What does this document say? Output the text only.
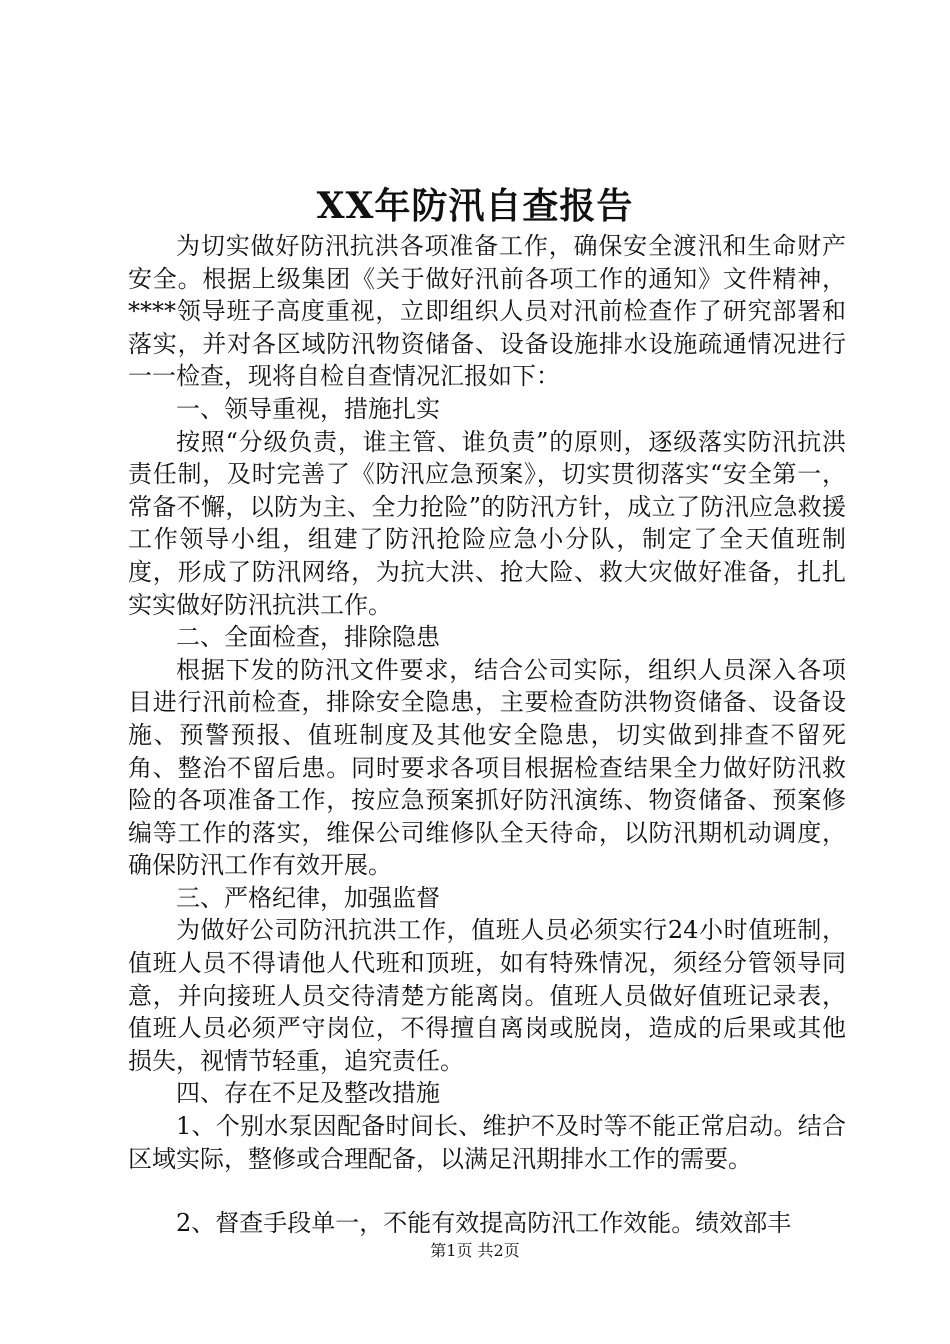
XX年防汛自查报告

为切实做好防汛抗洪各项准备工作，确保安全渡汛和生命财产安全。根据上级集团《关于做好汛前各项工作的通知》文件精神，****领导班子高度重视，立即组织人员对汛前检查作了研究部署和落实，并对各区域防汛物资储备、设备设施排水设施疏通情况进行一一检查，现将自检自查情况汇报如下：

一、领导重视，措施扎实

按照“分级负责，谁主管、谁负责”的原则，逐级落实防汛抗洪责任制，及时完善了《防汛应急预案》，切实贯彻落实“安全第一，常备不懈，以防为主、全力抢险”的防汛方针，成立了防汛应急救援工作领导小组，组建了防汛抢险应急小分队，制定了全天值班制度，形成了防汛网络，为抗大洪、抢大险、救大灾做好准备，扎扎实实做好防汛抗洪工作。

二、全面检查，排除隐患

根据下发的防汛文件要求，结合公司实际，组织人员深入各项目进行汛前检查，排除安全隐患，主要检查防洪物资储备、设备设施、预警预报、值班制度及其他安全隐患，切实做到排查不留死角、整治不留后患。同时要求各项目根据检查结果全力做好防汛救险的各项准备工作，按应急预案抓好防汛演练、物资储备、预案修编等工作的落实，维保公司维修队全天待命，以防汛期机动调度，确保防汛工作有效开展。

三、严格纪律，加强监督

为做好公司防汛抗洪工作，值班人员必须实行24小时值班制，值班人员不得请他人代班和顶班，如有特殊情况，须经分管领导同意，并向接班人员交待清楚方能离岗。值班人员做好值班记录表，值班人员必须严守岗位，不得擅自离岗或脱岗，造成的后果或其他损失，视情节轻重，追究责任。

四、存在不足及整改措施

1、个别水泵因配备时间长、维护不及时等不能正常启动。结合区域实际，整修或合理配备，以满足汛期排水工作的需要。

2、督查手段单一，不能有效提高防汛工作效能。绩效部丰

第1页 共2页
